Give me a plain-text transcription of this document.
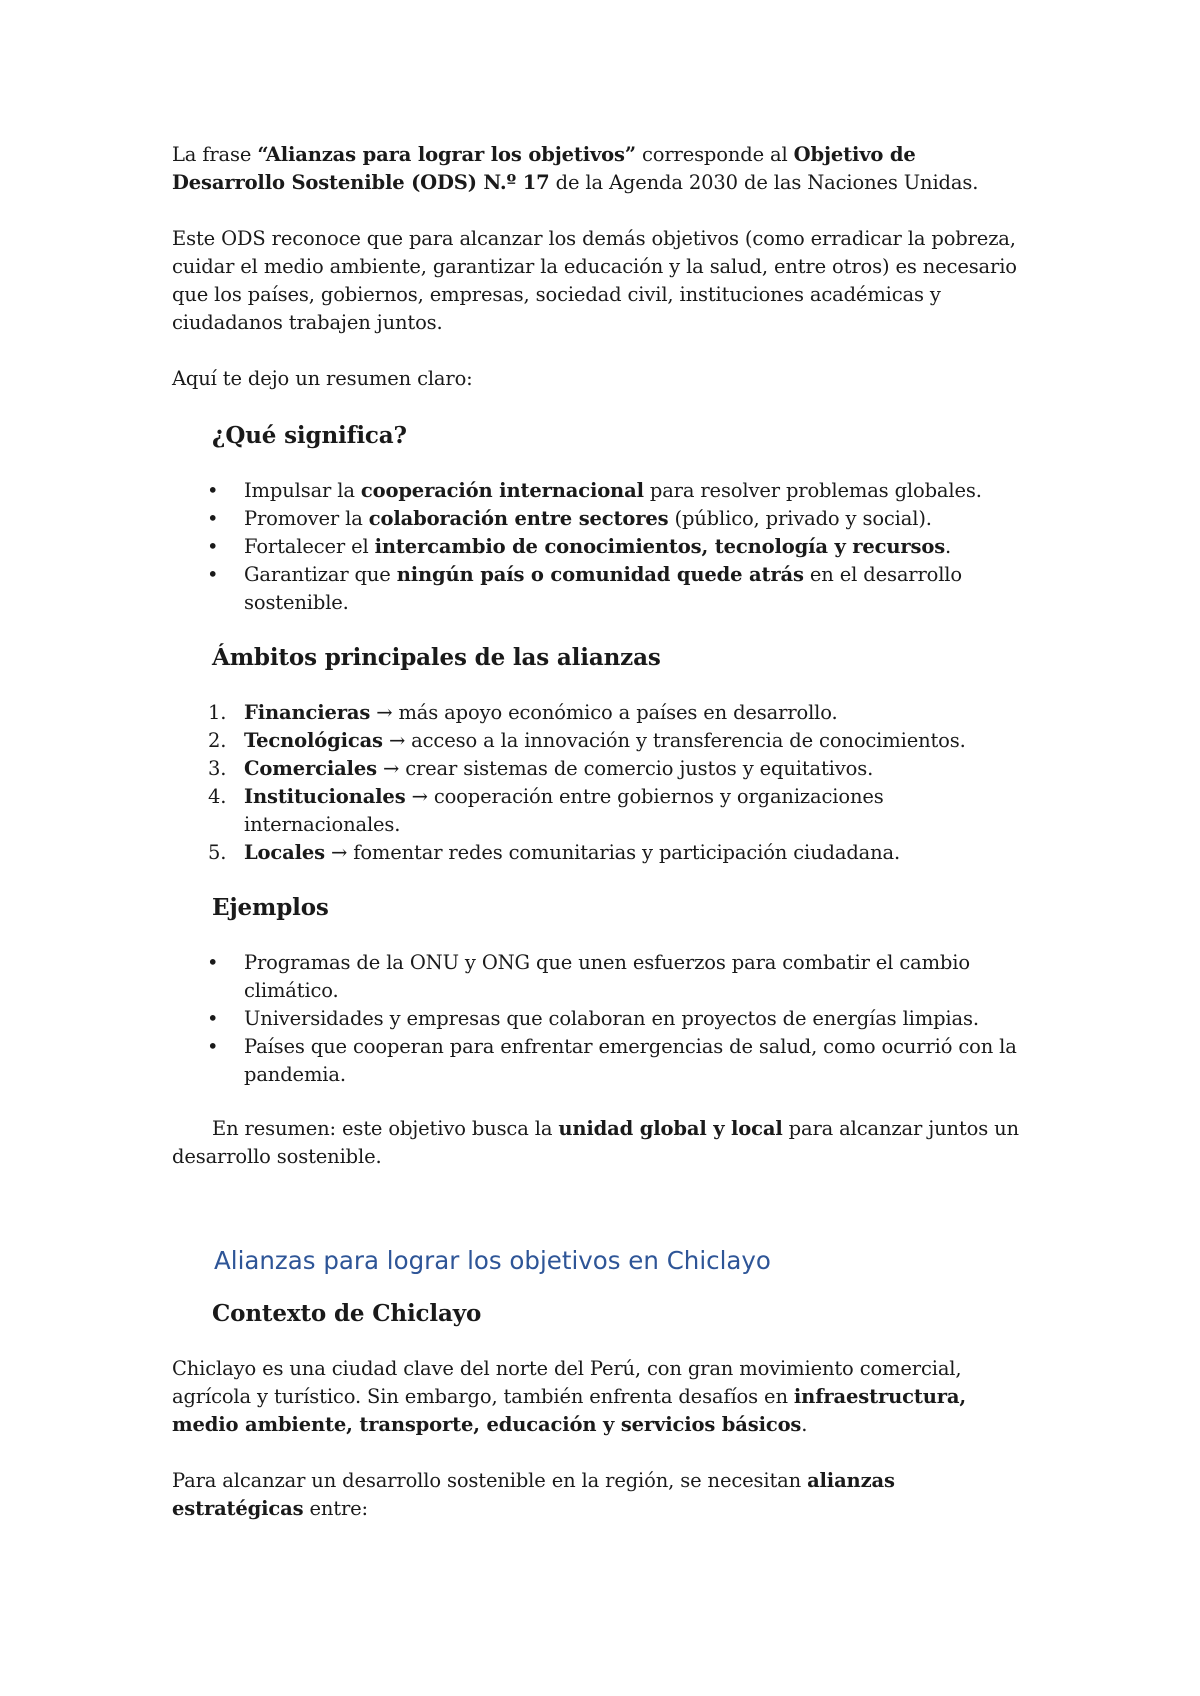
La frase “Alianzas para lograr los objetivos” corresponde al Objetivo de Desarrollo Sostenible (ODS) N.º 17 de la Agenda 2030 de las Naciones Unidas.

Este ODS reconoce que para alcanzar los demás objetivos (como erradicar la pobreza, cuidar el medio ambiente, garantizar la educación y la salud, entre otros) es necesario que los países, gobiernos, empresas, sociedad civil, instituciones académicas y ciudadanos trabajen juntos.

Aquí te dejo un resumen claro:

¿Qué significa?
• Impulsar la cooperación internacional para resolver problemas globales.
• Promover la colaboración entre sectores (público, privado y social).
• Fortalecer el intercambio de conocimientos, tecnología y recursos.
• Garantizar que ningún país o comunidad quede atrás en el desarrollo sostenible.
Ámbitos principales de las alianzas
1. Financieras → más apoyo económico a países en desarrollo.
2. Tecnológicas → acceso a la innovación y transferencia de conocimientos.
3. Comerciales → crear sistemas de comercio justos y equitativos.
4. Institucionales → cooperación entre gobiernos y organizaciones internacionales.
5. Locales → fomentar redes comunitarias y participación ciudadana.
Ejemplos
• Programas de la ONU y ONG que unen esfuerzos para combatir el cambio climático.
• Universidades y empresas que colaboran en proyectos de energías limpias.
• Países que cooperan para enfrentar emergencias de salud, como ocurrió con la pandemia.

En resumen: este objetivo busca la unidad global y local para alcanzar juntos un desarrollo sostenible.

Alianzas para lograr los objetivos en Chiclayo
Contexto de Chiclayo

Chiclayo es una ciudad clave del norte del Perú, con gran movimiento comercial, agrícola y turístico. Sin embargo, también enfrenta desafíos en infraestructura, medio ambiente, transporte, educación y servicios básicos.

Para alcanzar un desarrollo sostenible en la región, se necesitan alianzas estratégicas entre:
